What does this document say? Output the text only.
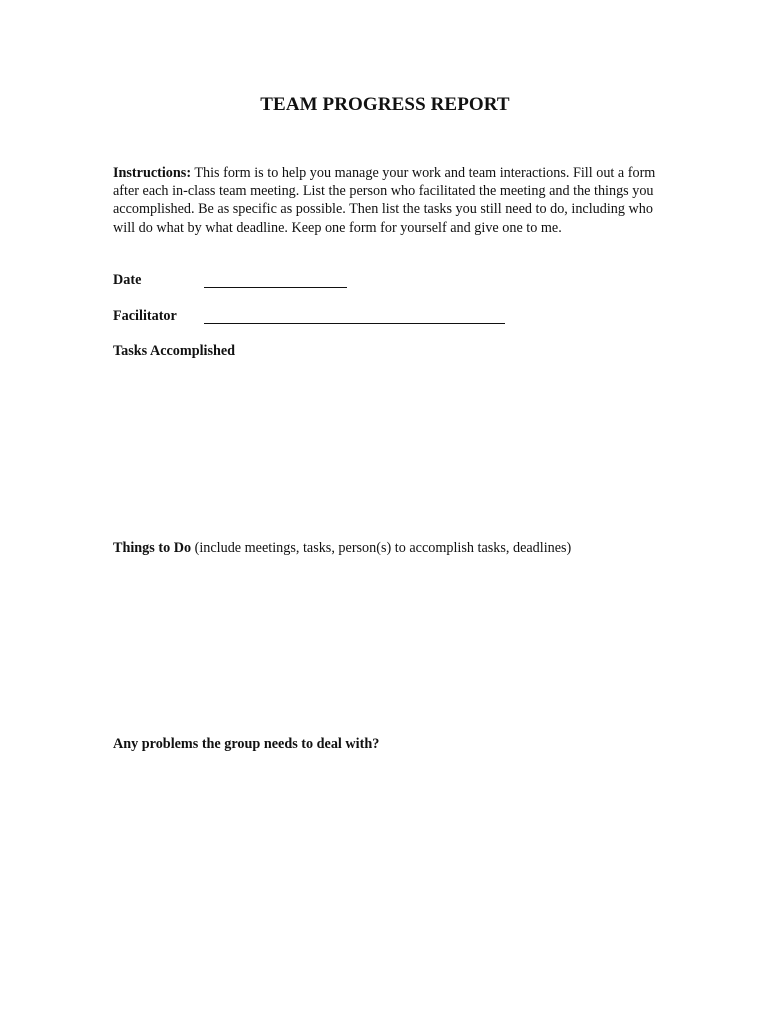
TEAM PROGRESS REPORT
Instructions: This form is to help you manage your work and team interactions. Fill out a form after each in-class team meeting. List the person who facilitated the meeting and the things you accomplished. Be as specific as possible. Then list the tasks you still need to do, including who will do what by what deadline. Keep one form for yourself and give one to me.
Date
Facilitator
Tasks Accomplished
Things to Do (include meetings, tasks, person(s) to accomplish tasks, deadlines)
Any problems the group needs to deal with?
